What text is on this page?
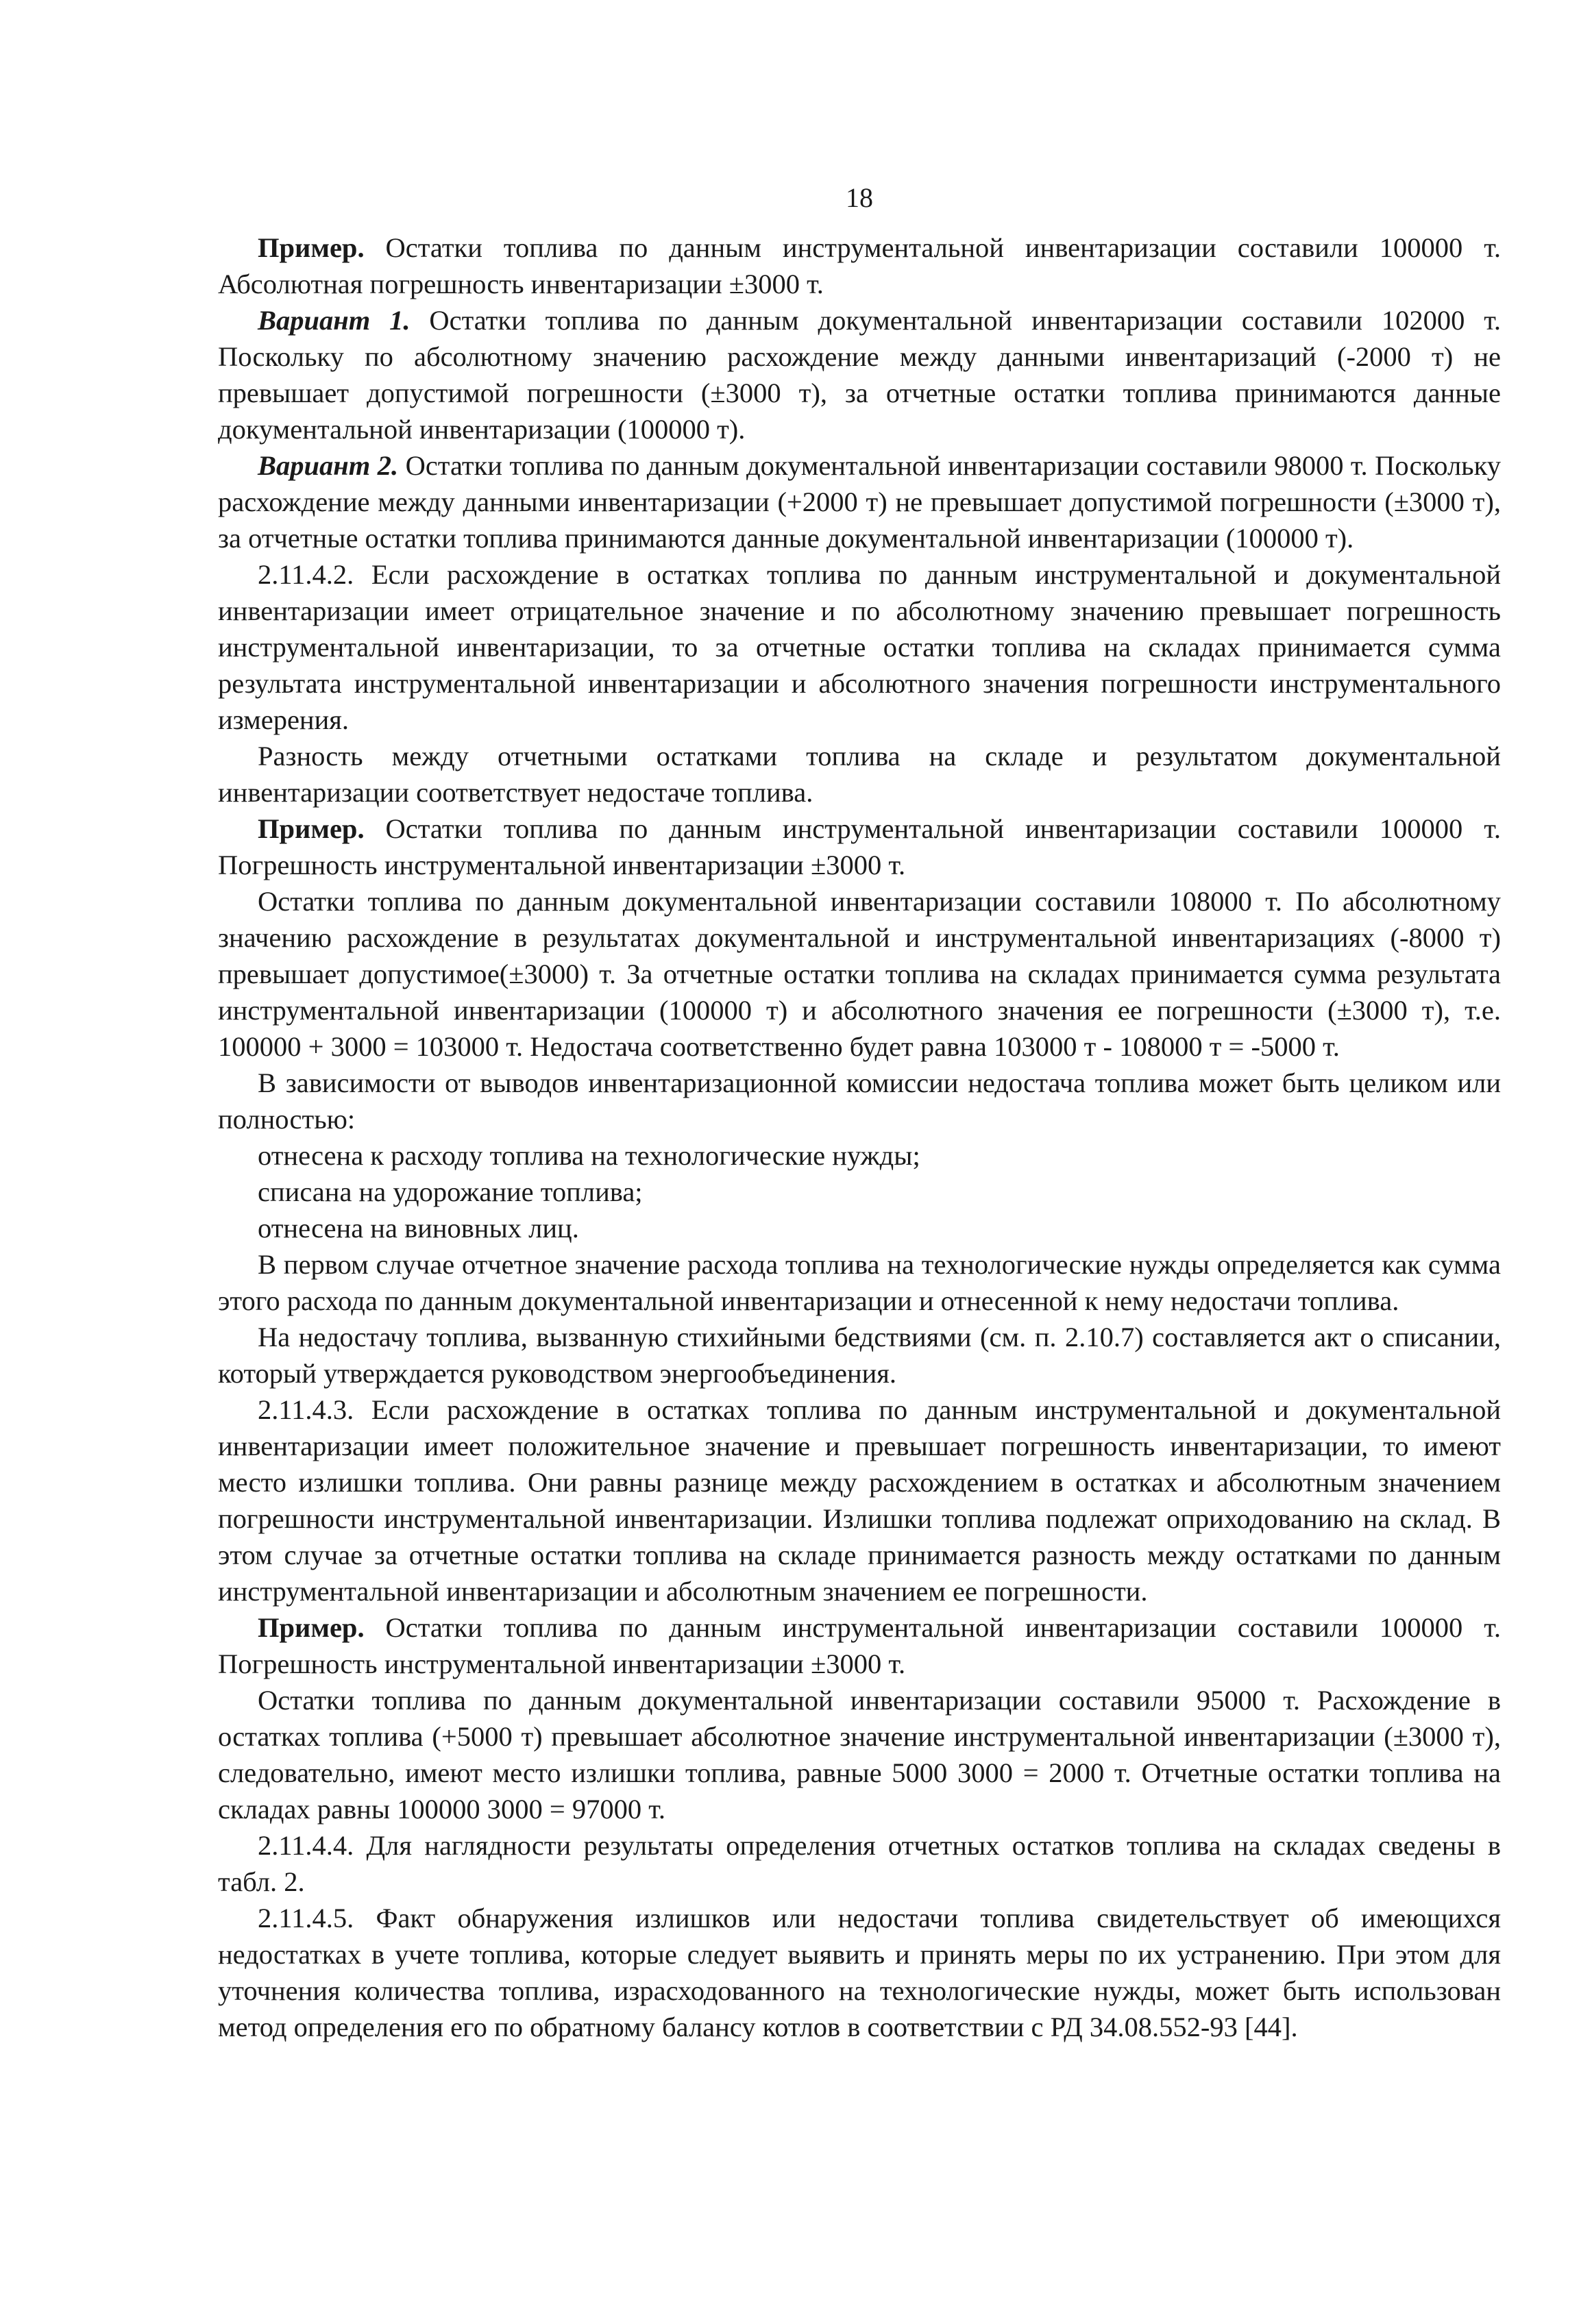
18

Пример. Остатки топлива по данным инструментальной инвентаризации составили 100000 т. Абсолютная погрешность инвентаризации ±3000 т.

Вариант 1. Остатки топлива по данным документальной инвентаризации составили 102000 т. Поскольку по абсолютному значению расхождение между данными инвентаризаций (-2000 т) не превышает допустимой погрешности (±3000 т), за отчетные остатки топлива принимаются данные документальной инвентаризации (100000 т).

Вариант 2. Остатки топлива по данным документальной инвентаризации составили 98000 т. Поскольку расхождение между данными инвентаризации (+2000 т) не превышает допустимой погрешности (±3000 т), за отчетные остатки топлива принимаются данные документальной инвентаризации (100000 т).

2.11.4.2. Если расхождение в остатках топлива по данным инструментальной и документальной инвентаризации имеет отрицательное значение и по абсолютному значению превышает погрешность инструментальной инвентаризации, то за отчетные остатки топлива на складах принимается сумма результата инструментальной инвентаризации и абсолютного значения погрешности инструментального измерения.

Разность между отчетными остатками топлива на складе и результатом документальной инвентаризации соответствует недостаче топлива.

Пример. Остатки топлива по данным инструментальной инвентаризации составили 100000 т. Погрешность инструментальной инвентаризации ±3000 т.

Остатки топлива по данным документальной инвентаризации составили 108000 т. По абсолютному значению расхождение в результатах документальной и инструментальной инвентаризациях (-8000 т) превышает допустимое(±3000) т. За отчетные остатки топлива на складах принимается сумма результата инструментальной инвентаризации (100000 т) и абсолютного значения ее погрешности (±3000 т), т.е. 100000 + 3000 = 103000 т. Недостача соответственно будет равна 103000 т - 108000 т = -5000 т.

В зависимости от выводов инвентаризационной комиссии недостача топлива может быть целиком или полностью:

отнесена к расходу топлива на технологические нужды;

списана на удорожание топлива;

отнесена на виновных лиц.

В первом случае отчетное значение расхода топлива на технологические нужды определяется как сумма этого расхода по данным документальной инвентаризации и отнесенной к нему недостачи топлива.

На недостачу топлива, вызванную стихийными бедствиями (см. п. 2.10.7) составляется акт о списании, который утверждается руководством энергообъединения.

2.11.4.3. Если расхождение в остатках топлива по данным инструментальной и документальной инвентаризации имеет положительное значение и превышает погрешность инвентаризации, то имеют место излишки топлива. Они равны разнице между расхождением в остатках и абсолютным значением погрешности инструментальной инвентаризации. Излишки топлива подлежат оприходованию на склад. В этом случае за отчетные остатки топлива на складе принимается разность между остатками по данным инструментальной инвентаризации и абсолютным значением ее погрешности.

Пример. Остатки топлива по данным инструментальной инвентаризации составили 100000 т. Погрешность инструментальной инвентаризации ±3000 т.

Остатки топлива по данным документальной инвентаризации составили 95000 т. Расхождение в остатках топлива (+5000 т) превышает абсолютное значение инструментальной инвентаризации (±3000 т), следовательно, имеют место излишки топлива, равные 5000 3000 = 2000 т. Отчетные остатки топлива на складах равны 100000 3000 = 97000 т.

2.11.4.4. Для наглядности результаты определения отчетных остатков топлива на складах сведены в табл. 2.

2.11.4.5. Факт обнаружения излишков или недостачи топлива свидетельствует об имеющихся недостатках в учете топлива, которые следует выявить и принять меры по их устранению. При этом для уточнения количества топлива, израсходованного на технологические нужды, может быть использован метод определения его по обратному балансу котлов в соответствии с РД 34.08.552-93 [44].
